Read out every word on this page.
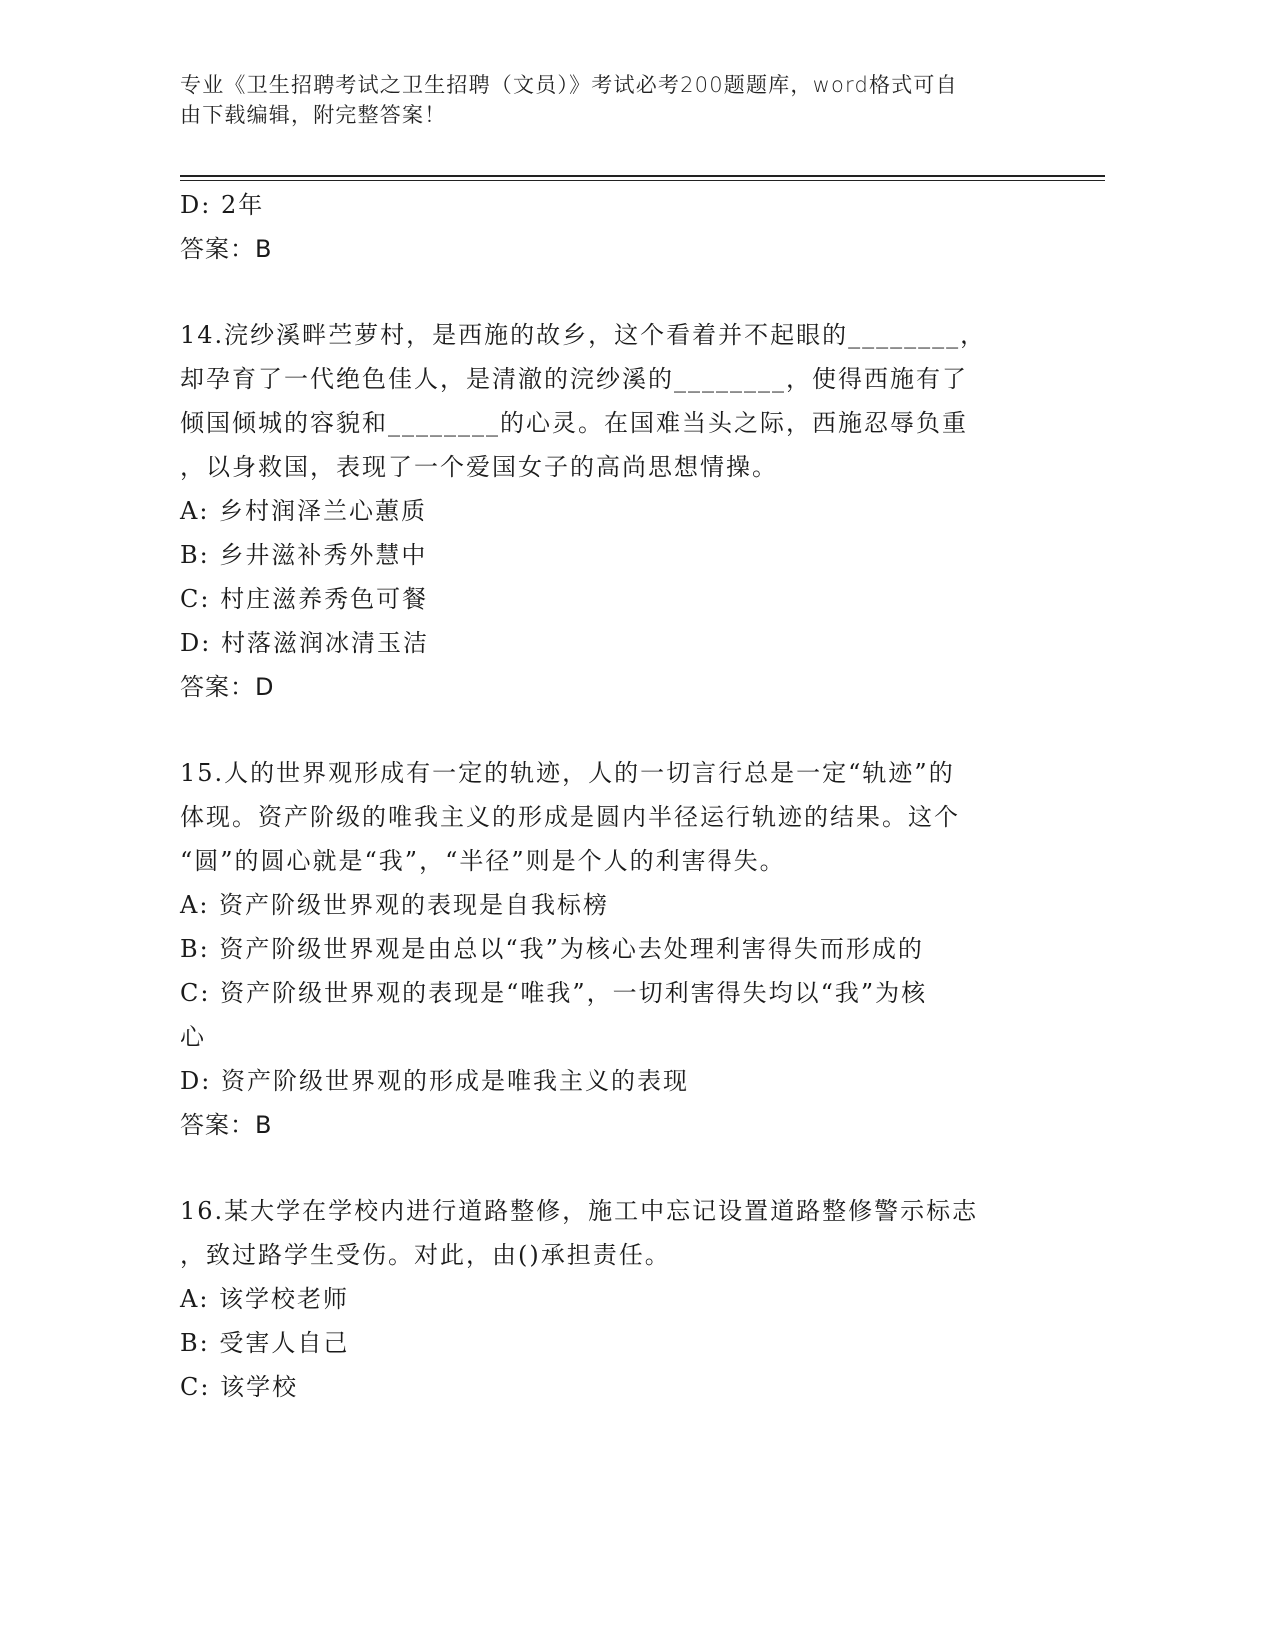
专业《卫生招聘考试之卫生招聘（文员）》考试必考200题题库，word格式可自
由下载编辑，附完整答案！
D: 2年
答案：B
14.浣纱溪畔苎萝村，是西施的故乡，这个看着并不起眼的________，
却孕育了一代绝色佳人，是清澈的浣纱溪的________，使得西施有了
倾国倾城的容貌和________的心灵。在国难当头之际，西施忍辱负重
，以身救国，表现了一个爱国女子的高尚思想情操。
A: 乡村润泽兰心蕙质
B: 乡井滋补秀外慧中
C: 村庄滋养秀色可餐
D: 村落滋润冰清玉洁
答案：D
15.人的世界观形成有一定的轨迹，人的一切言行总是一定“轨迹”的
体现。资产阶级的唯我主义的形成是圆内半径运行轨迹的结果。这个
“圆”的圆心就是“我”，“半径”则是个人的利害得失。
A: 资产阶级世界观的表现是自我标榜
B: 资产阶级世界观是由总以“我”为核心去处理利害得失而形成的
C: 资产阶级世界观的表现是“唯我”，一切利害得失均以“我”为核
心
D: 资产阶级世界观的形成是唯我主义的表现
答案：B
16.某大学在学校内进行道路整修，施工中忘记设置道路整修警示标志
，致过路学生受伤。对此，由()承担责任。
A: 该学校老师
B: 受害人自己
C: 该学校
